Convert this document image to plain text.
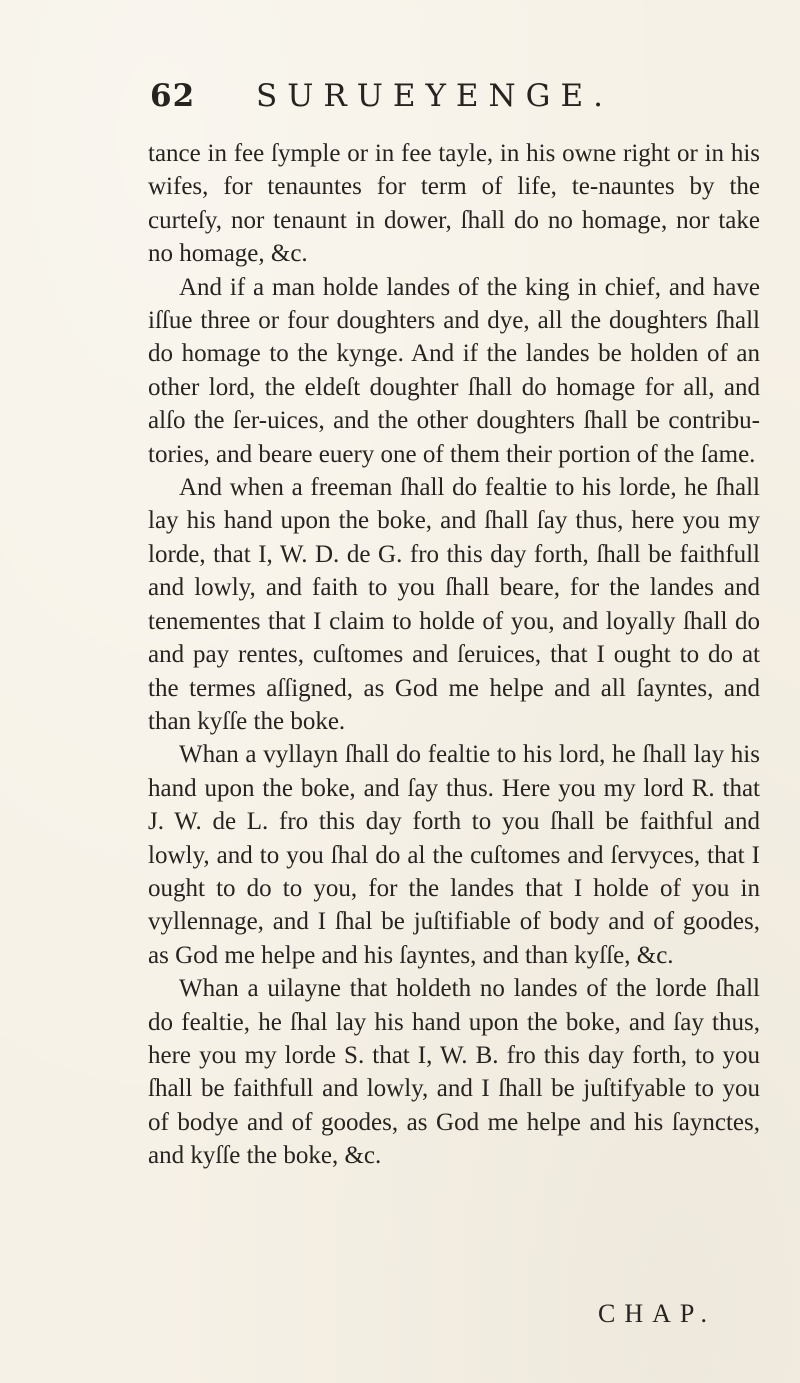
62 SURUEYENGE.

tance in fee ſymple or in fee tayle, in his owne right or in his wifes, for tenauntes for term of life, te-nauntes by the curteſy, nor tenaunt in dower, ſhall do no homage, nor take no homage, &c.

And if a man holde landes of the king in chief, and have iſſue three or four doughters and dye, all the doughters ſhall do homage to the kynge. And if the landes be holden of an other lord, the eldeſt doughter ſhall do homage for all, and alſo the ſer-uices, and the other doughters ſhall be contribu-tories, and beare euery one of them their portion of the ſame.

And when a freeman ſhall do fealtie to his lorde, he ſhall lay his hand upon the boke, and ſhall ſay thus, here you my lorde, that I, W. D. de G. fro this day forth, ſhall be faithfull and lowly, and faith to you ſhall beare, for the landes and tenementes that I claim to holde of you, and loyally ſhall do and pay rentes, cuſtomes and ſeruices, that I ought to do at the termes aſſigned, as God me helpe and all ſayntes, and than kyſſe the boke.

Whan a vyllayn ſhall do fealtie to his lord, he ſhall lay his hand upon the boke, and ſay thus. Here you my lord R. that J. W. de L. fro this day forth to you ſhall be faithful and lowly, and to you ſhal do al the cuſtomes and ſervyces, that I ought to do to you, for the landes that I holde of you in vyllennage, and I ſhal be juſtifiable of body and of goodes, as God me helpe and his ſayntes, and than kyſſe, &c.

Whan a uilayne that holdeth no landes of the lorde ſhall do fealtie, he ſhal lay his hand upon the boke, and ſay thus, here you my lorde S. that I, W. B. fro this day forth, to you ſhall be faithfull and lowly, and I ſhall be juſtifyable to you of bodye and of goodes, as God me helpe and his ſaynctes, and kyſſe the boke, &c.

CHAP.
